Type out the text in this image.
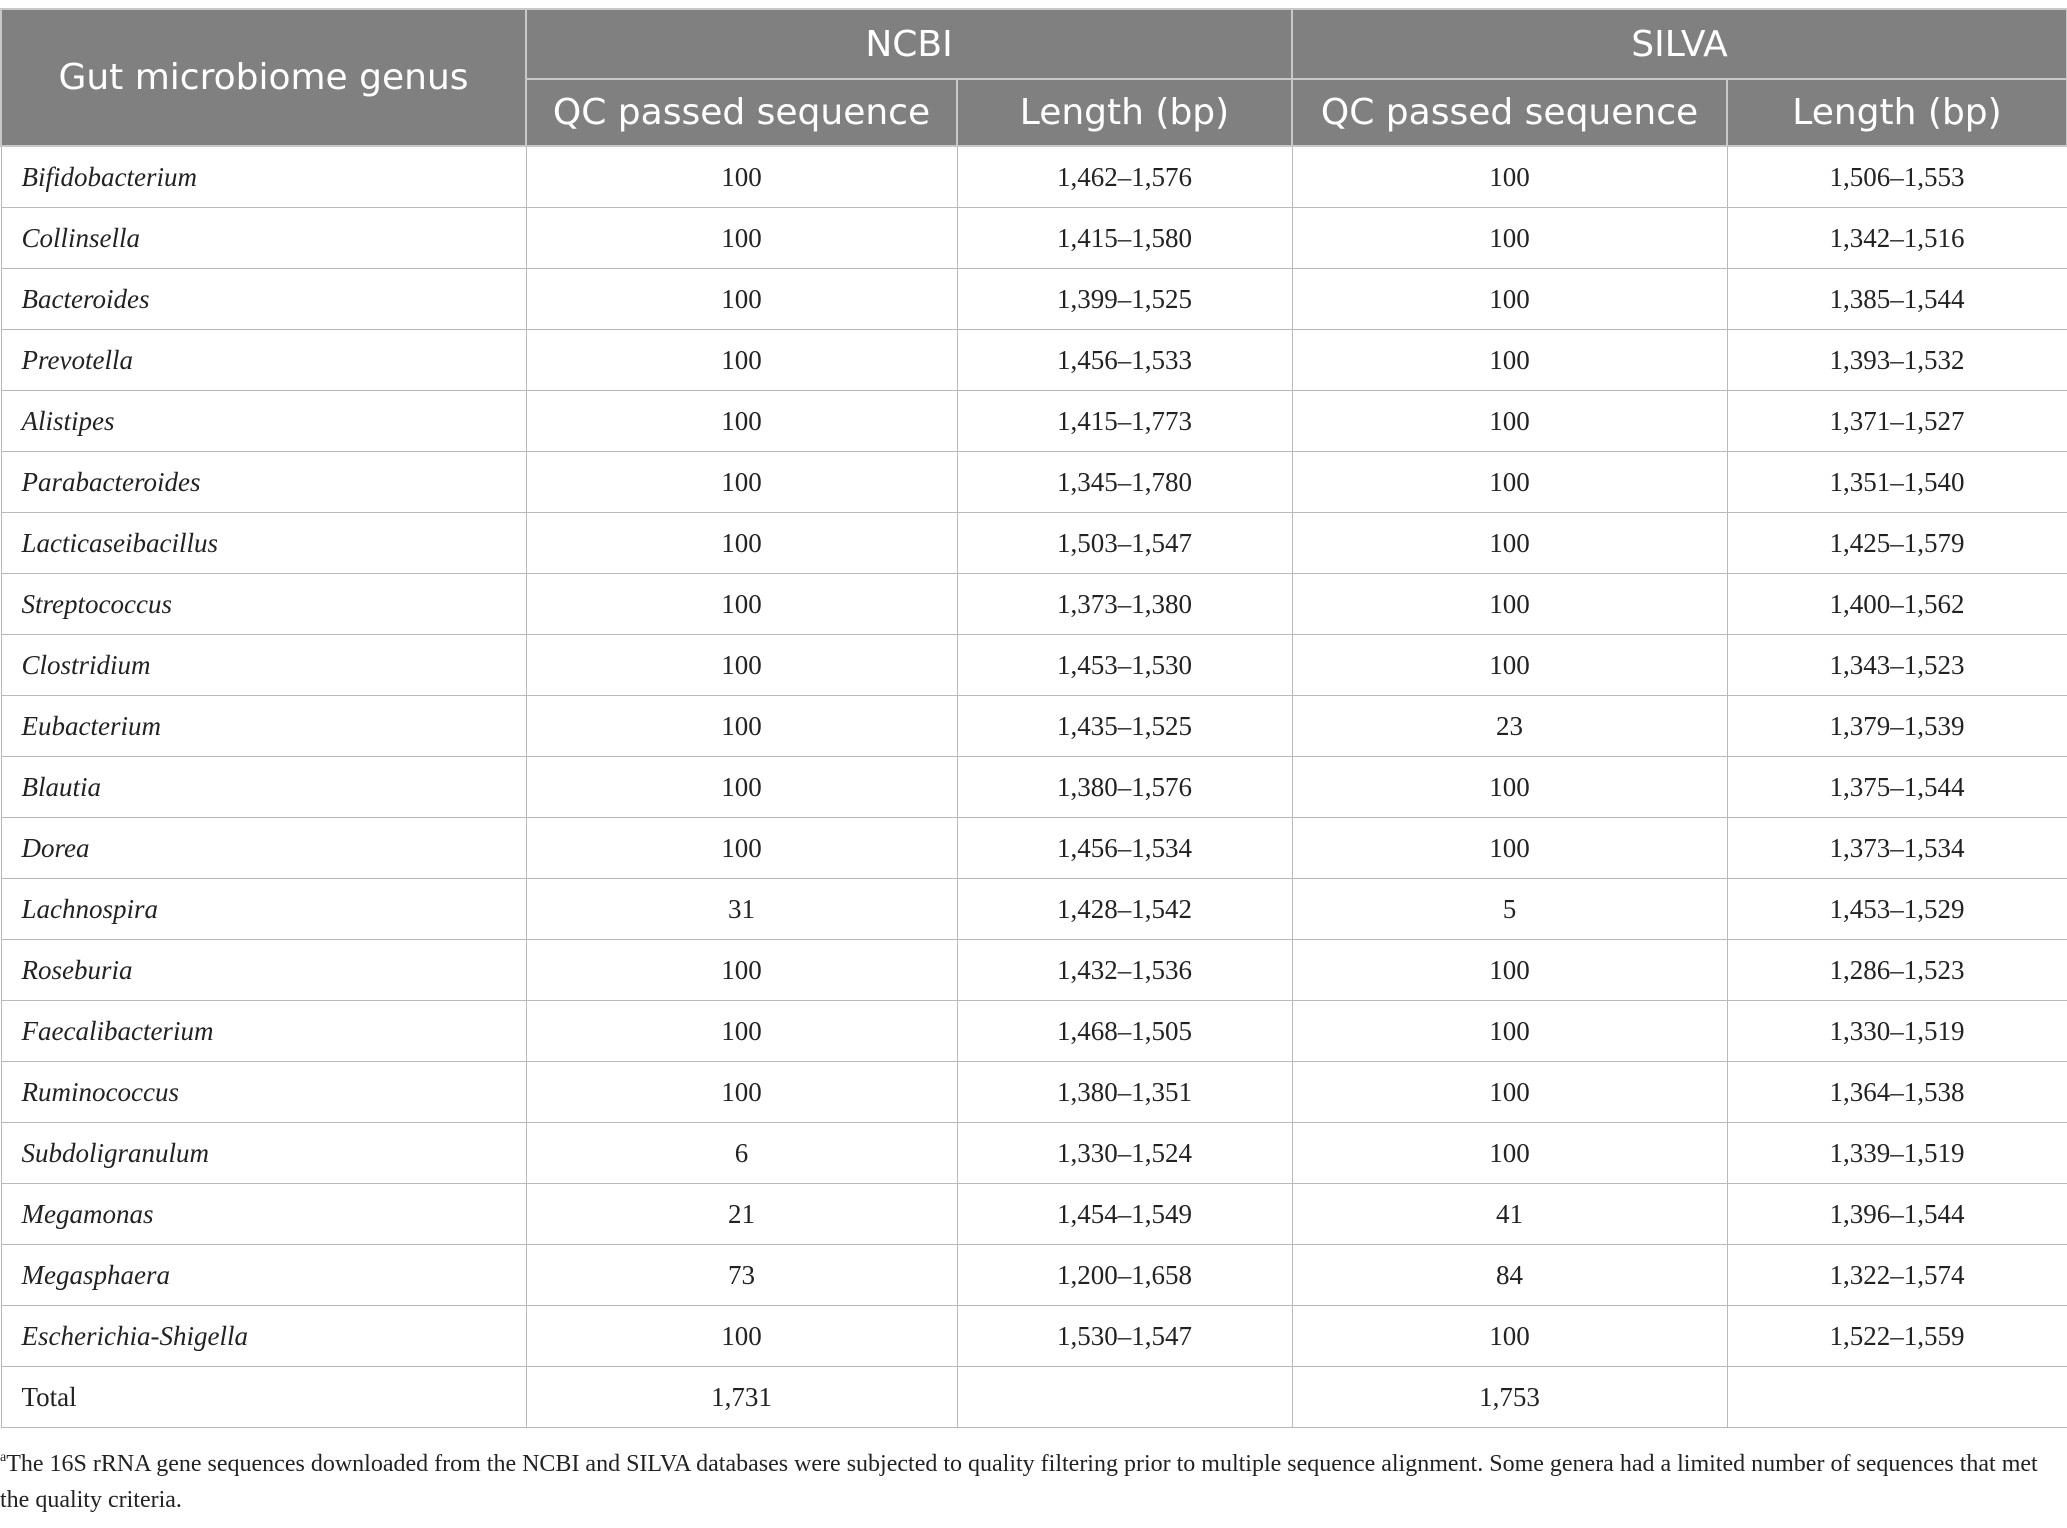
Gut microbiome genus	NCBI		SILVA	
	QC passed sequence	Length (bp)	QC passed sequence	Length (bp)
Bifidobacterium	100	1,462–1,576	100	1,506–1,553
Collinsella	100	1,415–1,580	100	1,342–1,516
Bacteroides	100	1,399–1,525	100	1,385–1,544
Prevotella	100	1,456–1,533	100	1,393–1,532
Alistipes	100	1,415–1,773	100	1,371–1,527
Parabacteroides	100	1,345–1,780	100	1,351–1,540
Lacticaseibacillus	100	1,503–1,547	100	1,425–1,579
Streptococcus	100	1,373–1,380	100	1,400–1,562
Clostridium	100	1,453–1,530	100	1,343–1,523
Eubacterium	100	1,435–1,525	23	1,379–1,539
Blautia	100	1,380–1,576	100	1,375–1,544
Dorea	100	1,456–1,534	100	1,373–1,534
Lachnospira	31	1,428–1,542	5	1,453–1,529
Roseburia	100	1,432–1,536	100	1,286–1,523
Faecalibacterium	100	1,468–1,505	100	1,330–1,519
Ruminococcus	100	1,380–1,351	100	1,364–1,538
Subdoligranulum	6	1,330–1,524	100	1,339–1,519
Megamonas	21	1,454–1,549	41	1,396–1,544
Megasphaera	73	1,200–1,658	84	1,322–1,574
Escherichia-Shigella	100	1,530–1,547	100	1,522–1,559
Total	1,731		1,753	
$^a$The 16S rRNA gene sequences downloaded from the NCBI and SILVA databases were subjected to quality filtering prior to multiple sequence alignment. Some genera had a limited number of sequences that met the quality criteria.
